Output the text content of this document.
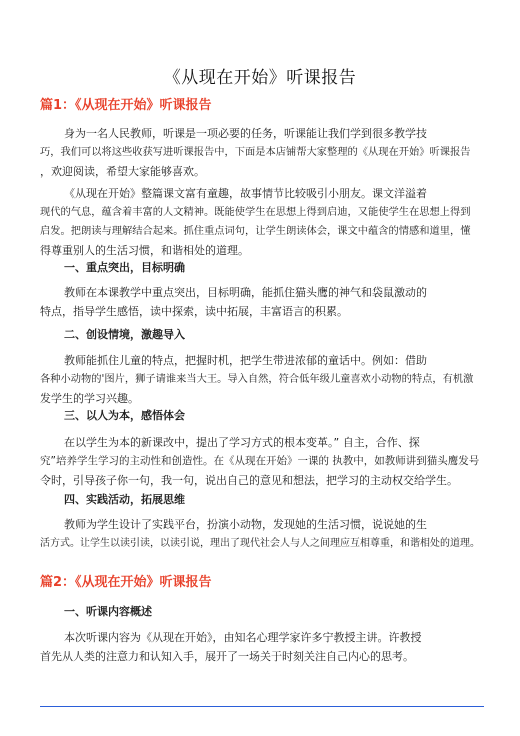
《从现在开始》听课报告
篇1：《从现在开始》听课报告

身为一名人民教师，听课是一项必要的任务，听课能让我们学到很多教学技
巧，我们可以将这些收获写进听课报告中，下面是本店铺帮大家整理的《从现在开始》听课报告
，欢迎阅读，希望大家能够喜欢。

《从现在开始》整篇课文富有童趣，故事情节比较吸引小朋友。课文洋溢着
现代的气息，蕴含着丰富的人文精神。既能使学生在思想上得到启迪，又能使学生在思想上得到
启发。把朗读与理解结合起来。抓住重点词句，让学生朗读体会，课文中蕴含的情感和道里，懂
得尊重别人的生活习惯，和谐相处的道理。

一、重点突出，目标明确

教师在本课教学中重点突出，目标明确，能抓住猫头鹰的神气和袋鼠激动的
特点，指导学生感悟，读中探索，读中拓展，丰富语言的积累。

二、创设情境，激趣导入

教师能抓住儿童的特点，把握时机，把学生带进浓郁的童话中。例如：借助
各种小动物的'图片，狮子请谁来当大王。导入自然，符合低年级儿童喜欢小动物的特点，有机激
发学生的学习兴趣。

三、以人为本，感悟体会

在以学生为本的新课改中，提出了学习方式的根本变革。” 自主，合作、探
究”培养学生学习的主动性和创造性。在《从现在开始》一课的 执教中，如教师讲到猫头鹰发号
令时，引导孩子你一句，我一句，说出自己的意见和想法，把学习的主动权交给学生。

四、实践活动，拓展思维

教师为学生设计了实践平台，扮演小动物，发现她的生活习惯，说说她的生
活方式。让学生以读引读，以读引说，理出了现代社会人与人之间理应互相尊重，和谐相处的道理。

篇2：《从现在开始》听课报告
一、听课内容概述

本次听课内容为《从现在开始》，由知名心理学家许多宁教授主讲。许教授
首先从人类的注意力和认知入手，展开了一场关于时刻关注自己内心的思考。
